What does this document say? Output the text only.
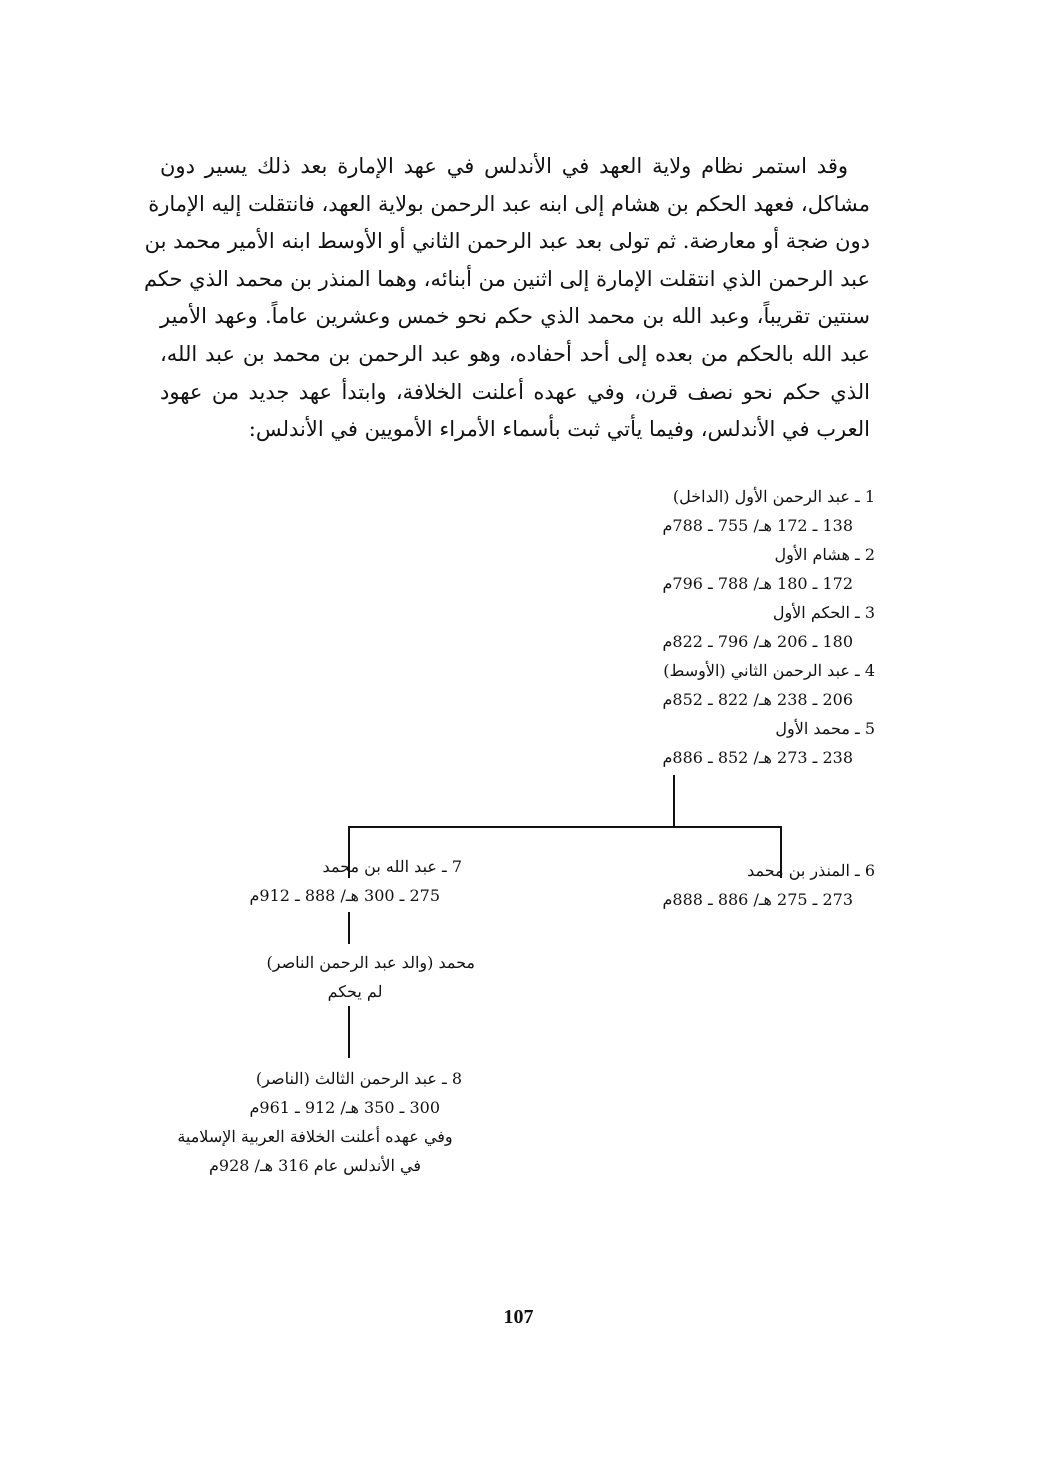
وقد استمر نظام ولاية العهد في الأندلس في عهد الإمارة بعد ذلك يسير دون
مشاكل، فعهد الحكم بن هشام إلى ابنه عبد الرحمن بولاية العهد، فانتقلت إليه الإمارة
دون ضجة أو معارضة. ثم تولى بعد عبد الرحمن الثاني أو الأوسط ابنه الأمير محمد بن
عبد الرحمن الذي انتقلت الإمارة إلى اثنين من أبنائه، وهما المنذر بن محمد الذي حكم
سنتين تقريباً، وعبد الله بن محمد الذي حكم نحو خمس وعشرين عاماً. وعهد الأمير
عبد الله بالحكم من بعده إلى أحد أحفاده، وهو عبد الرحمن بن محمد بن عبد الله،
الذي حكم نحو نصف قرن، وفي عهده أعلنت الخلافة، وابتدأ عهد جديد من عهود
العرب في الأندلس، وفيما يأتي ثبت بأسماء الأمراء الأمويين في الأندلس:
1 ـ عبد الرحمن الأول (الداخل)
138 ـ 172 هـ/ 755 ـ 788م
2 ـ هشام الأول
172 ـ 180 هـ/ 788 ـ 796م
3 ـ الحكم الأول
180 ـ 206 هـ/ 796 ـ 822م
4 ـ عبد الرحمن الثاني (الأوسط)
206 ـ 238 هـ/ 822 ـ 852م
5 ـ محمد الأول
238 ـ 273 هـ/ 852 ـ 886م
6 ـ المنذر بن محمد
273 ـ 275 هـ/ 886 ـ 888م
7 ـ عبد الله بن محمد
275 ـ 300 هـ/ 888 ـ 912م
محمد (والد عبد الرحمن الناصر)
لم يحكم
8 ـ عبد الرحمن الثالث (الناصر)
300 ـ 350 هـ/ 912 ـ 961م
وفي عهده أعلنت الخلافة العربية الإسلامية
في الأندلس عام 316 هـ/ 928م
107
